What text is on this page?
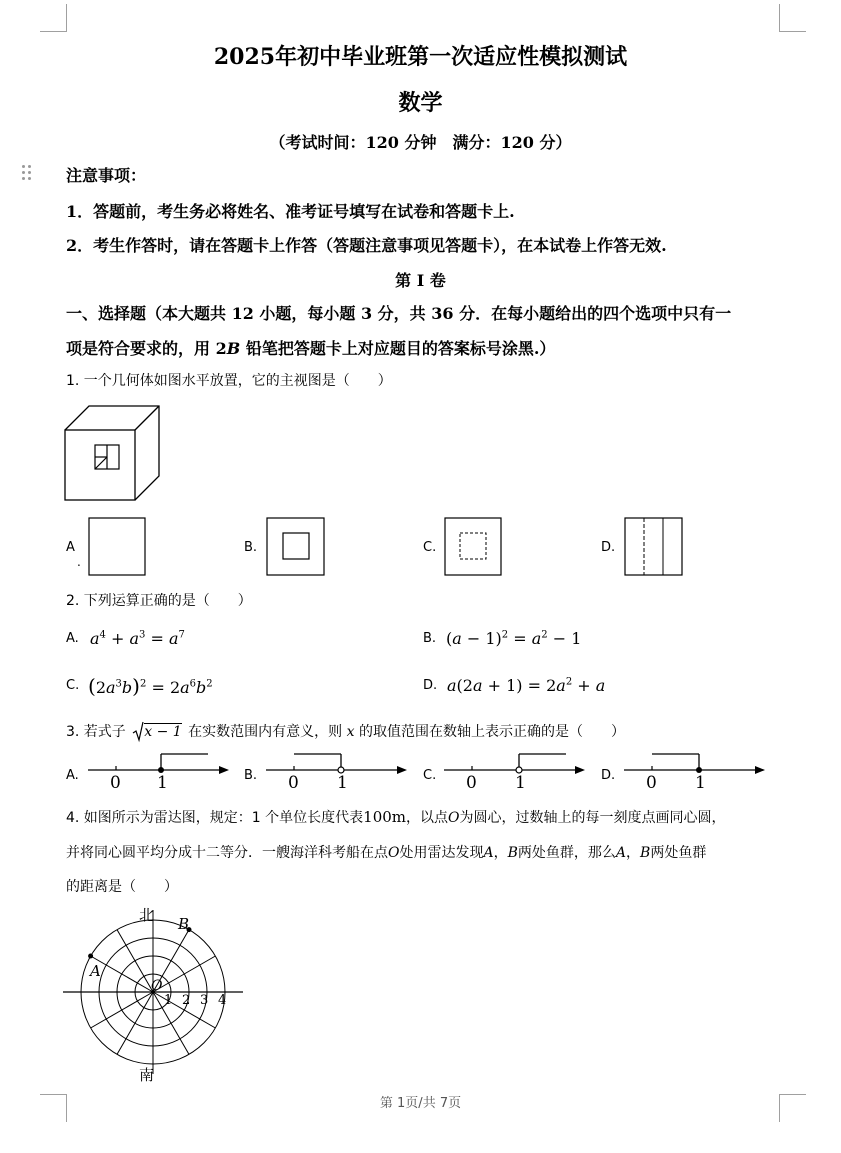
2025年初中毕业班第一次适应性模拟测试
数学
（考试时间：120 分钟　满分：120 分）
注意事项：
1．答题前，考生务必将姓名、准考证号填写在试卷和答题卡上.
2．考生作答时，请在答题卡上作答（答题注意事项见答题卡），在本试卷上作答无效.
第 I 卷
一、选择题（本大题共 12 小题，每小题 3 分，共 36 分．在每小题给出的四个选项中只有一
项是符合要求的，用 2B 铅笔把答题卡上对应题目的答案标号涂黑.）
1. 一个几何体如图水平放置，它的主视图是（　　）
A
.
B.	C.	D.
2. 下列运算正确的是（　　）
A. $a^4 + a^3 = a^7$	B. $(a - 1)^2 = a^2 - 1$
C. $(2a^3b)^2 = 2a^6b^2$	D. $a(2a + 1) = 2a^2 + a$
3. 若式子 x − 1 在实数范围内有意义，则 x 的取值范围在数轴上表示正确的是（　　）
A. 0 1	B. 0 1	C. 0 1	D. 0 1
4. 如图所示为雷达图，规定：1 个单位长度代表100m，以点O为圆心，过数轴上的每一刻度点画同心圆，
并将同心圆平均分成十二等分．一艘海洋科考船在点O处用雷达发现A，B两处鱼群，那么A，B两处鱼群
的距离是（　　）
北
南
B
A
O
1 2 3 4
第 1页/共 7页
